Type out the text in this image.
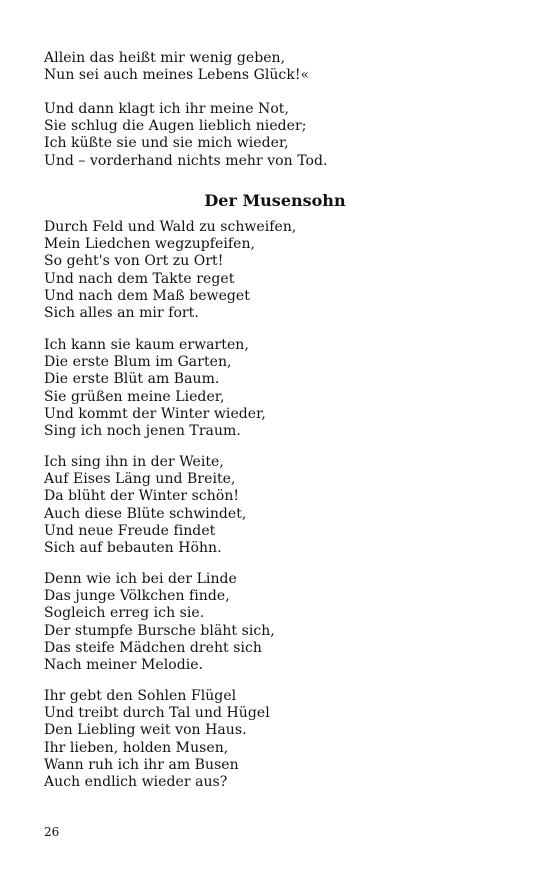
Allein das heißt mir wenig geben,
Nun sei auch meines Lebens Glück!«
Und dann klagt ich ihr meine Not,
Sie schlug die Augen lieblich nieder;
Ich küßte sie und sie mich wieder,
Und – vorderhand nichts mehr von Tod.
Der Musensohn
Durch Feld und Wald zu schweifen,
Mein Liedchen wegzupfeifen,
So geht's von Ort zu Ort!
Und nach dem Takte reget
Und nach dem Maß beweget
Sich alles an mir fort.
Ich kann sie kaum erwarten,
Die erste Blum im Garten,
Die erste Blüt am Baum.
Sie grüßen meine Lieder,
Und kommt der Winter wieder,
Sing ich noch jenen Traum.
Ich sing ihn in der Weite,
Auf Eises Läng und Breite,
Da blüht der Winter schön!
Auch diese Blüte schwindet,
Und neue Freude findet
Sich auf bebauten Höhn.
Denn wie ich bei der Linde
Das junge Völkchen finde,
Sogleich erreg ich sie.
Der stumpfe Bursche bläht sich,
Das steife Mädchen dreht sich
Nach meiner Melodie.
Ihr gebt den Sohlen Flügel
Und treibt durch Tal und Hügel
Den Liebling weit von Haus.
Ihr lieben, holden Musen,
Wann ruh ich ihr am Busen
Auch endlich wieder aus?
26
